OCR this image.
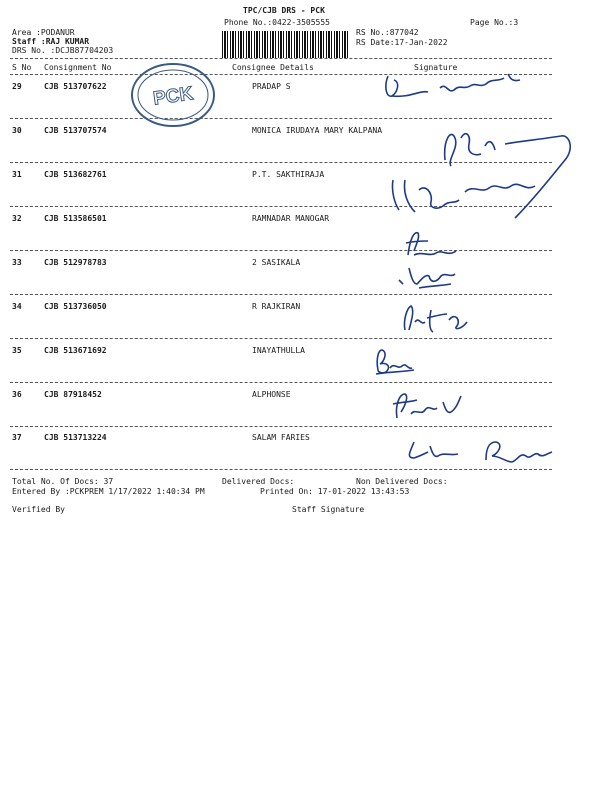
TPC/CJB DRS - PCK
Phone No.:0422-3505555	Page No.:3
Area :PODANUR
Staff :RAJ KUMAR
DRS No. :DCJB87704203
RS No.:877042
RS Date:17-Jan-2022
S No Consignment No	Consignee Details	Signature
29	CJB 513707622	PRADAP S
30	CJB 513707574	MONICA IRUDAYA MARY KALPANA
31	CJB 513682761	P.T. SAKTHIRAJA
32	CJB 513586501	RAMNADAR MANOGAR
33	CJB 512978783	2 SASIKALA
34	CJB 513736050	R RAJKIRAN
35	CJB 513671692	INAYATHULLA
36	CJB 87918452	ALPHONSE
37	CJB 513713224	SALAM FARIES
PCK
Total No. Of Docs: 37	Delivered Docs:	Non Delivered Docs:
Entered By :PCKPREM 1/17/2022 1:40:34 PM	Printed On: 17-01-2022 13:43:53
Verified By	Staff Signature
